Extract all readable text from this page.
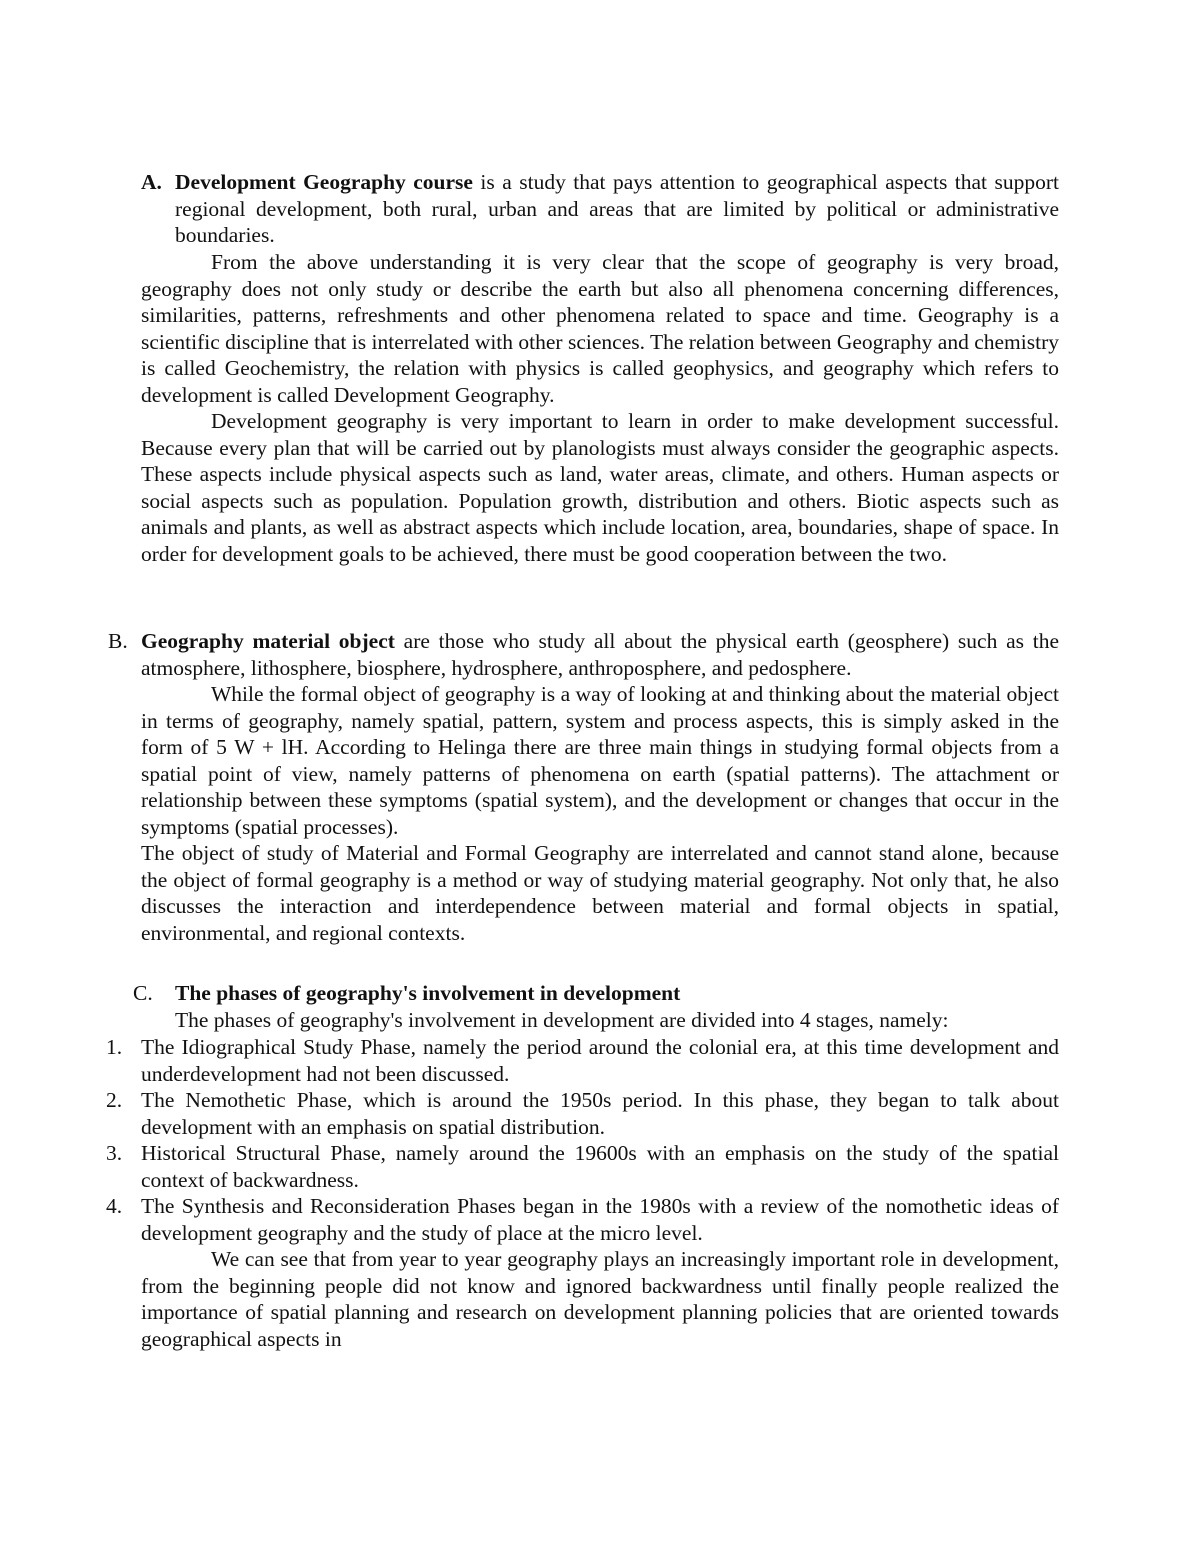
A. Development Geography course is a study that pays attention to geographical aspects that support regional development, both rural, urban and areas that are limited by political or administrative boundaries.

From the above understanding it is very clear that the scope of geography is very broad, geography does not only study or describe the earth but also all phenomena concerning differences, similarities, patterns, refreshments and other phenomena related to space and time. Geography is a scientific discipline that is interrelated with other sciences. The relation between Geography and chemistry is called Geochemistry, the relation with physics is called geophysics, and geography which refers to development is called Development Geography.

Development geography is very important to learn in order to make development successful. Because every plan that will be carried out by planologists must always consider the geographic aspects. These aspects include physical aspects such as land, water areas, climate, and others. Human aspects or social aspects such as population. Population growth, distribution and others. Biotic aspects such as animals and plants, as well as abstract aspects which include location, area, boundaries, shape of space. In order for development goals to be achieved, there must be good cooperation between the two.

B. Geography material object are those who study all about the physical earth (geosphere) such as the atmosphere, lithosphere, biosphere, hydrosphere, anthroposphere, and pedosphere.

While the formal object of geography is a way of looking at and thinking about the material object in terms of geography, namely spatial, pattern, system and process aspects, this is simply asked in the form of 5 W + lH. According to Helinga there are three main things in studying formal objects from a spatial point of view, namely patterns of phenomena on earth (spatial patterns). The attachment or relationship between these symptoms (spatial system), and the development or changes that occur in the symptoms (spatial processes).

The object of study of Material and Formal Geography are interrelated and cannot stand alone, because the object of formal geography is a method or way of studying material geography. Not only that, he also discusses the interaction and interdependence between material and formal objects in spatial, environmental, and regional contexts.

C. The phases of geography's involvement in development
The phases of geography's involvement in development are divided into 4 stages, namely:
1. The Idiographical Study Phase, namely the period around the colonial era, at this time development and underdevelopment had not been discussed.
2. The Nemothetic Phase, which is around the 1950s period. In this phase, they began to talk about development with an emphasis on spatial distribution.
3. Historical Structural Phase, namely around the 19600s with an emphasis on the study of the spatial context of backwardness.
4. The Synthesis and Reconsideration Phases began in the 1980s with a review of the nomothetic ideas of development geography and the study of place at the micro level.

We can see that from year to year geography plays an increasingly important role in development, from the beginning people did not know and ignored backwardness until finally people realized the importance of spatial planning and research on development planning policies that are oriented towards geographical aspects in
